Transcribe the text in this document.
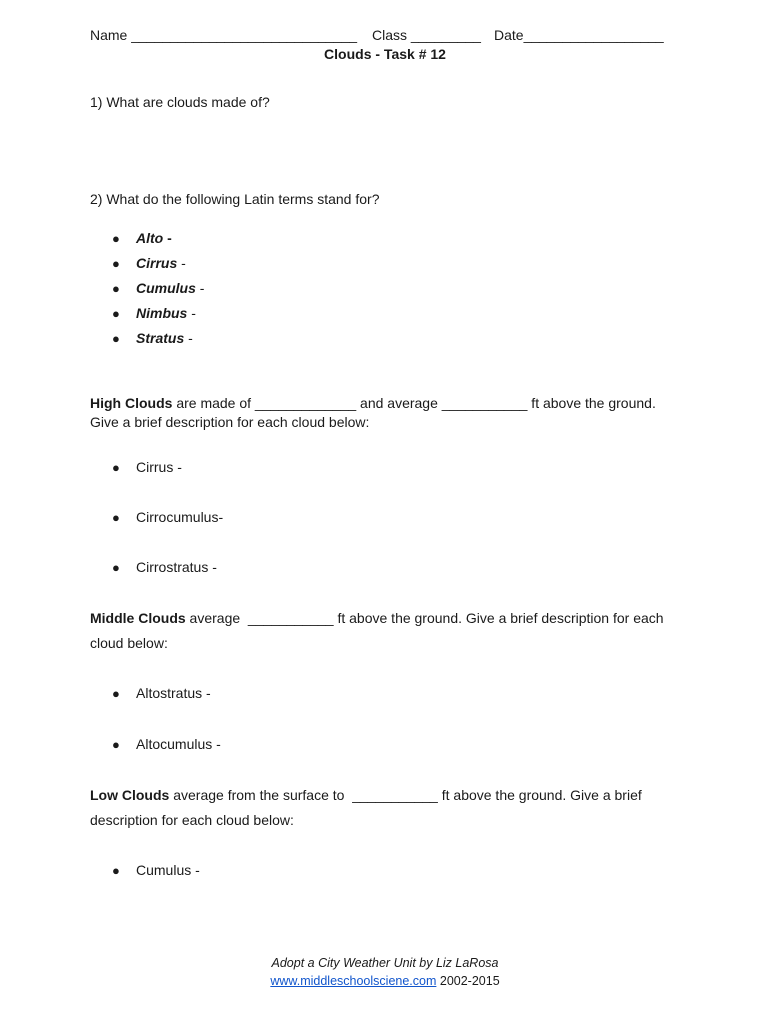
Name _____________________________ Class _________ Date__________________
Clouds - Task # 12
1) What are clouds made of?
2) What do the following Latin terms stand for?
● Alto -
● Cirrus -
● Cumulus -
● Nimbus -
● Stratus -
High Clouds are made of _____________ and average ___________ ft above the ground.
Give a brief description for each cloud below:
● Cirrus -
● Cirrocumulus-
● Cirrostratus -
Middle Clouds average  ___________ ft above the ground. Give a brief description for each
cloud below:
● Altostratus -
● Altocumulus -
Low Clouds average from the surface to  ___________ ft above the ground. Give a brief
description for each cloud below:
● Cumulus -
Adopt a City Weather Unit by Liz LaRosa
www.middleschoolsciene.com 2002-2015
